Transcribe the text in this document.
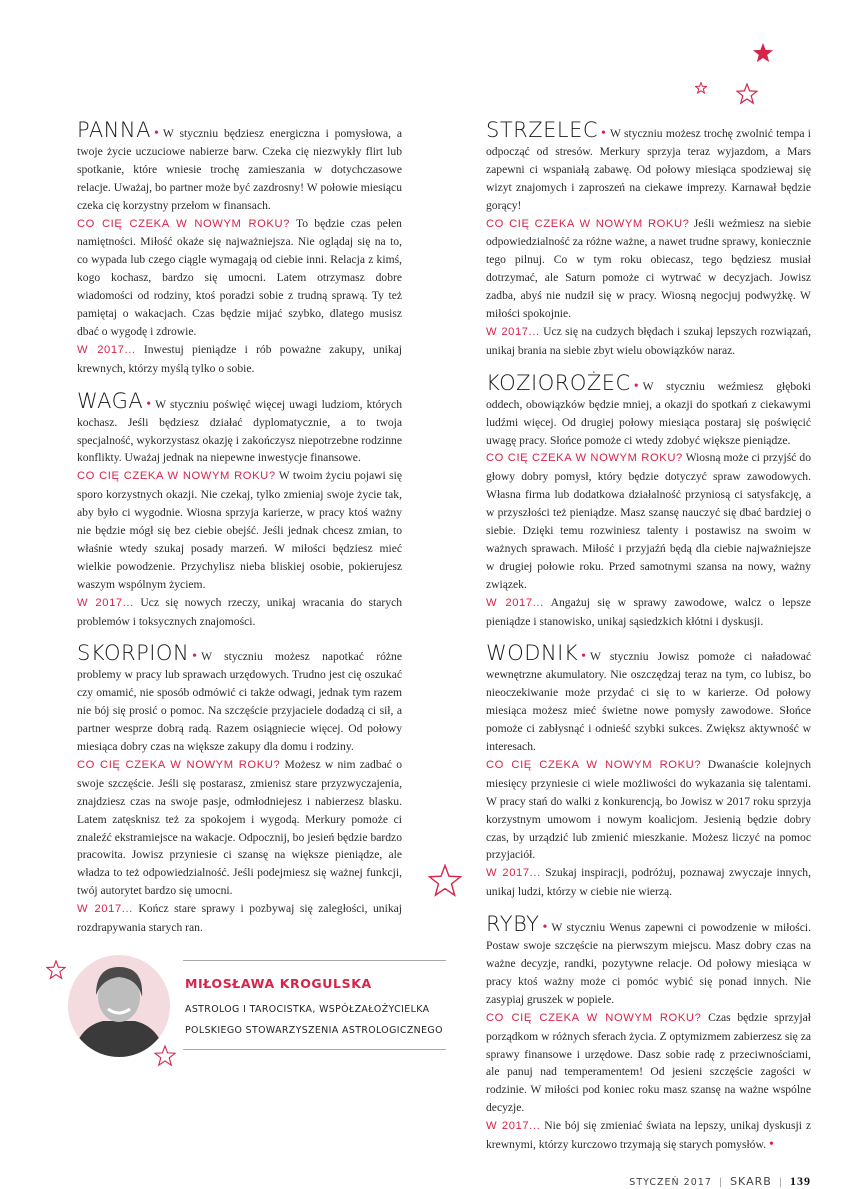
PANNA • W styczniu będziesz energiczna i pomysłowa, a twoje życie uczuciowe nabierze barw. Czeka cię niezwykły flirt lub spotkanie, które wniesie trochę zamieszania w dotychczasowe relacje. Uważaj, bo partner może być zazdrosny! W połowie miesiącu czeka cię korzystny przełom w finansach.

CO CIĘ CZEKA W NOWYM ROKU? To będzie czas pełen namiętności. Miłość okaże się najważniejsza. Nie oglądaj się na to, co wypada lub czego ciągle wymagają od ciebie inni. Relacja z kimś, kogo kochasz, bardzo się umocni. Latem otrzymasz dobre wiadomości od rodziny, ktoś poradzi sobie z trudną sprawą. Ty też pamiętaj o wakacjach. Czas będzie mijać szybko, dlatego musisz dbać o wygodę i zdrowie.

W 2017... Inwestuj pieniądze i rób poważne zakupy, unikaj krewnych, którzy myślą tylko o sobie.

WAGA • W styczniu poświęć więcej uwagi ludziom, których kochasz. Jeśli będziesz działać dyplomatycznie, a to twoja specjalność, wykorzystasz okazję i zakończysz niepotrzebne rodzinne konflikty. Uważaj jednak na niepewne inwestycje finansowe.

CO CIĘ CZEKA W NOWYM ROKU? W twoim życiu pojawi się sporo korzystnych okazji. Nie czekaj, tylko zmieniaj swoje życie tak, aby było ci wygodnie. Wiosna sprzyja karierze, w pracy ktoś ważny nie będzie mógł się bez ciebie obejść. Jeśli jednak chcesz zmian, to właśnie wtedy szukaj posady marzeń. W miłości będziesz mieć wielkie powodzenie. Przychylisz nieba bliskiej osobie, pokierujesz waszym wspólnym życiem.

W 2017... Ucz się nowych rzeczy, unikaj wracania do starych problemów i toksycznych znajomości.

SKORPION • W styczniu możesz napotkać różne problemy w pracy lub sprawach urzędowych. Trudno jest cię oszukać czy omamić, nie sposób odmówić ci także odwagi, jednak tym razem nie bój się prosić o pomoc. Na szczęście przyjaciele dodadzą ci sił, a partner wesprze dobrą radą. Razem osiągniecie więcej. Od połowy miesiąca dobry czas na większe zakupy dla domu i rodziny.

CO CIĘ CZEKA W NOWYM ROKU? Możesz w nim zadbać o swoje szczęście. Jeśli się postarasz, zmienisz stare przyzwyczajenia, znajdziesz czas na swoje pasje, odmłodniejesz i nabierzesz blasku. Latem zatęsknisz też za spokojem i wygodą. Merkury pomoże ci znaleźć ekstramiejsce na wakacje. Odpocznij, bo jesień będzie bardzo pracowita. Jowisz przyniesie ci szansę na większe pieniądze, ale władza to też odpowiedzialność. Jeśli podejmiesz się ważnej funkcji, twój autorytet bardzo się umocni.

W 2017... Kończ stare sprawy i pozbywaj się zaległości, unikaj rozdrapywania starych ran.

MIŁOSŁAWA KROGULSKA
ASTROLOG I TAROCISTKA, WSPÓŁZAŁOŻYCIELKA
POLSKIEGO STOWARZYSZENIA ASTROLOGICZNEGO

STRZELEC • W styczniu możesz trochę zwolnić tempa i odpocząć od stresów. Merkury sprzyja teraz wyjazdom, a Mars zapewni ci wspaniałą zabawę. Od połowy miesiąca spodziewaj się wizyt znajomych i zaproszeń na ciekawe imprezy. Karnawał będzie gorący!

CO CIĘ CZEKA W NOWYM ROKU? Jeśli weźmiesz na siebie odpowiedzialność za różne ważne, a nawet trudne sprawy, koniecznie tego pilnuj. Co w tym roku obiecasz, tego będziesz musiał dotrzymać, ale Saturn pomoże ci wytrwać w decyzjach. Jowisz zadba, abyś nie nudził się w pracy. Wiosną negocjuj podwyżkę. W miłości spokojnie.

W 2017... Ucz się na cudzych błędach i szukaj lepszych rozwiązań, unikaj brania na siebie zbyt wielu obowiązków naraz.

KOZIOROŻEC • W styczniu weźmiesz głęboki oddech, obowiązków będzie mniej, a okazji do spotkań z ciekawymi ludźmi więcej. Od drugiej połowy miesiąca postaraj się poświęcić uwagę pracy. Słońce pomoże ci wtedy zdobyć większe pieniądze.

CO CIĘ CZEKA W NOWYM ROKU? Wiosną może ci przyjść do głowy dobry pomysł, który będzie dotyczyć spraw zawodowych. Własna firma lub dodatkowa działalność przyniosą ci satysfakcję, a w przyszłości też pieniądze. Masz szansę nauczyć się dbać bardziej o siebie. Dzięki temu rozwiniesz talenty i postawisz na swoim w ważnych sprawach. Miłość i przyjaźń będą dla ciebie najważniejsze w drugiej połowie roku. Przed samotnymi szansa na nowy, ważny związek.

W 2017... Angażuj się w sprawy zawodowe, walcz o lepsze pieniądze i stanowisko, unikaj sąsiedzkich kłótni i dyskusji.

WODNIK • W styczniu Jowisz pomoże ci naładować wewnętrzne akumulatory. Nie oszczędzaj teraz na tym, co lubisz, bo nieoczekiwanie może przydać ci się to w karierze. Od połowy miesiąca możesz mieć świetne nowe pomysły zawodowe. Słońce pomoże ci zabłysnąć i odnieść szybki sukces. Zwiększ aktywność w interesach.

CO CIĘ CZEKA W NOWYM ROKU? Dwanaście kolejnych miesięcy przyniesie ci wiele możliwości do wykazania się talentami. W pracy stań do walki z konkurencją, bo Jowisz w 2017 roku sprzyja korzystnym umowom i nowym koalicjom. Jesienią będzie dobry czas, by urządzić lub zmienić mieszkanie. Możesz liczyć na pomoc przyjaciół.

W 2017... Szukaj inspiracji, podróżuj, poznawaj zwyczaje innych, unikaj ludzi, którzy w ciebie nie wierzą.

RYBY • W styczniu Wenus zapewni ci powodzenie w miłości. Postaw swoje szczęście na pierwszym miejscu. Masz dobry czas na ważne decyzje, randki, pozytywne relacje. Od połowy miesiąca w pracy ktoś ważny może ci pomóc wybić się ponad innych. Nie zasypiaj gruszek w popiele.

CO CIĘ CZEKA W NOWYM ROKU? Czas będzie sprzyjał porządkom w różnych sferach życia. Z optymizmem zabierzesz się za sprawy finansowe i urzędowe. Dasz sobie radę z przeciwnościami, ale panuj nad temperamentem! Od jesieni szczęście zagości w rodzinie. W miłości pod koniec roku masz szansę na ważne wspólne decyzje.

W 2017... Nie bój się zmieniać świata na lepszy, unikaj dyskusji z krewnymi, którzy kurczowo trzymają się starych pomysłów. •

STYCZEŃ 2017 | SKARB | 139
